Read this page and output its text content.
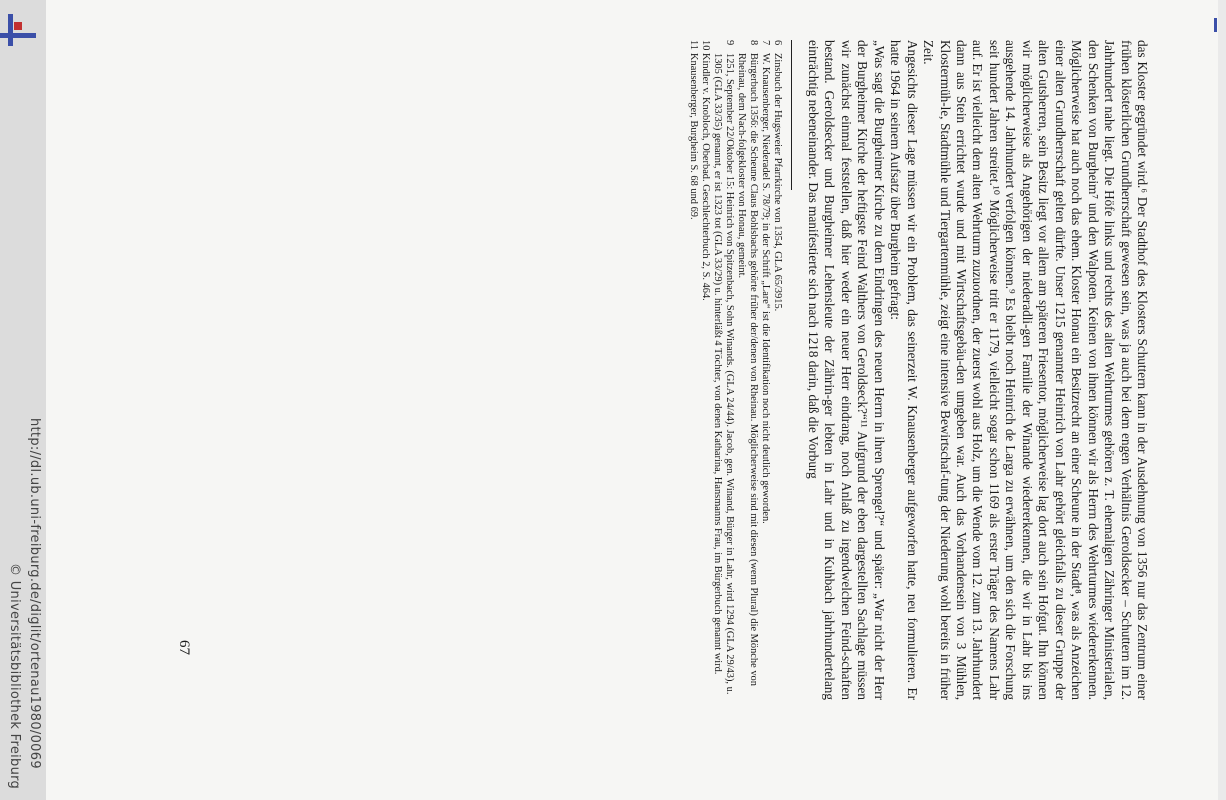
http://dl.ub.uni-freiburg.de/diglit/ortenau1980/0069
© Universitätsbibliothek Freiburg	das Kloster gegründet wird.⁶ Der Stadthof des Klosters Schuttern kann in der Ausdehnung von 1356 nur das Zentrum einer frühen klösterlichen Grundherrschaft gewesen sein, was ja auch bei dem engen Verhältnis Geroldsecker – Schuttern im 12. Jahrhundert nahe liegt. Die Höfe links und rechts des alten Wehrturmes gehören z. T. ehemaligen Zähringer Ministerialen, den Schenken von Burgheim⁷ und den Walpoten. Keinen von ihnen können wir als Herrn des Wehrturmes wiedererkennen. Möglicherweise hat auch noch das ehem. Kloster Honau ein Besitzrecht an einer Scheune in der Stadt⁸, was als Anzeichen einer alten Grundherrschaft gelten dürfte. Unser 1215 genannter Heinrich von Lahr gehört gleichfalls zu dieser Gruppe der alten Gutsherren, sein Besitz liegt vor allem am späteren Friesentor, möglicherweise lag dort auch sein Hofgut. Ihn können wir möglicherweise als Angehörigen der niederadli-gen Familie der Winande wiedererkennen, die wir in Lahr bis ins ausgehende 14. Jahrhundert verfolgen können.⁹ Es bleibt noch Heinrich de Larga zu erwähnen, um den sich die Forschung seit hundert Jahren streitet.¹⁰ Möglicherweise tritt er 1179, vielleicht sogar schon 1169 als erster Träger des Namens Lahr auf. Er ist vielleicht dem alten Wehrturm zuzuordnen, der zuerst wohl aus Holz, um die Wende vom 12. zum 13. Jahrhundert dann aus Stein errichtet wurde und mit Wirtschaftsgebäu-den umgeben war. Auch das Vorhandensein von 3 Mühlen, Klostermüh-le, Stadtmühle und Tiergartenmühle, zeigt eine intensive Bewirtschaf-tung der Niederung wohl bereits in früher Zeit.

Angesichts dieser Lage müssen wir ein Problem, das seinerzeit W. Knausenberger aufgeworfen hatte, neu formulieren. Er hatte 1964 in seinem Aufsatz über Burgheim gefragt:

„Was sagt die Burgheimer Kirche zu dem Eindringen des neuen Herrn in ihren Sprengel?“ und später: „War nicht der Herr der Burgheimer Kirche der heftigste Feind Walthers von Geroldseck?“¹¹ Aufgrund der eben dargestellten Sachlage müssen wir zunächst einmal feststellen, daß hier weder ein neuer Herr eindrang, noch Anlaß zu irgendwelchen Feind-schaften bestand. Geroldsecker und Burgheimer Lehensleute der Zährin-ger lebten in Lahr und in Kuhbach jahrhundertelang einträchtig nebeneinander. Das manifestierte sich nach 1218 darin, daß die Vorburg

6
Zinsbuch der Hugsweier Pfarrkirche von 1354, GLA 65/3915.
7
W. Knausenberger, Niederadel S. 78/79; in der Schrift „Lare“ ist die Identifikation noch nicht deutlich geworden.
8
Bürgerbuch 1356: die Scheune Claus Bohlsbachs gehörte früher der/denen von Rheinau. Möglicherweise sind mit diesen (wenn Plural) die Mönche von Rheinau, dem Nach-folgekloster von Honau, gemeint.
9
1251, September 22/Oktober 15: Heinrich von Spitzenbach, Sohn Winands. (GLA 24/44). Jacob, gen. Winand, Bürger in Lahr, wird 1294 (GLA 29/43), u. 1305 (GLA 33/35) genannt, er ist 1323 tot (GLA 33/29) u. hinterläßt 4 Töchter, von denen Katharina, Hansmanns Frau, im Bürgerbuch genannt wird.
10
Kindler v. Knobloch, Oberbad. Geschlechterbuch 2, S. 464.
11
Knausenberger, Burgheim S. 68 und 69.
67
